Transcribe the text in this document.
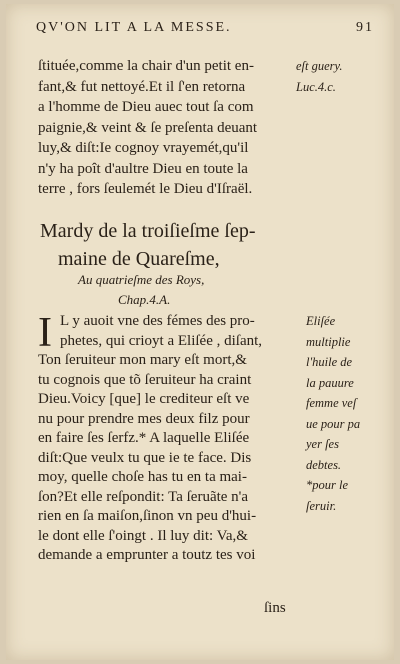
QV'ON LIT A LA MESSE.	91
ſtituée,comme la chair d'un petit en-
fant,& fut nettoyé.Et il ſ'en retorna
a l'homme de Dieu auec tout ſa com
paignie,& veint & ſe preſenta deuant
luy,& diſt:Ie cognoy vrayemét,qu'il
n'y ha poît d'aultre Dieu en toute la
terre , fors ſeulemét le Dieu d'Iſraël.
eſt guery.
Luc.4.c.
Mardy de la troiſieſme ſep-
maine de Quareſme,
Au quatrieſme des Roys,
Chap.4.A.
I L y auoit vne des fémes des pro-
phetes, qui crioyt a Eliſée , diſant,
Ton ſeruiteur mon mary eſt mort,&
tu cognois que tõ ſeruiteur ha craint
Dieu.Voicy [que] le crediteur eſt ve
nu pour prendre mes deux filz pour
en faire ſes ſerfz.* A laquelle Eliſée
diſt:Que veulx tu que ie te face. Dis
moy, quelle choſe has tu en ta mai-
ſon?Et elle reſpondit: Ta ſeruãte n'a
rien en ſa maiſon,ſinon vn peu d'hui-
le dont elle ſ'oingt . Il luy dit: Va,&
demande a emprunter a toutz tes voi
Eliſée
multiplie
l'huile de
la pauure
femme veſ
ue pour pa
yer ſes
debtes.
*pour le
ſeruir.
ſins
